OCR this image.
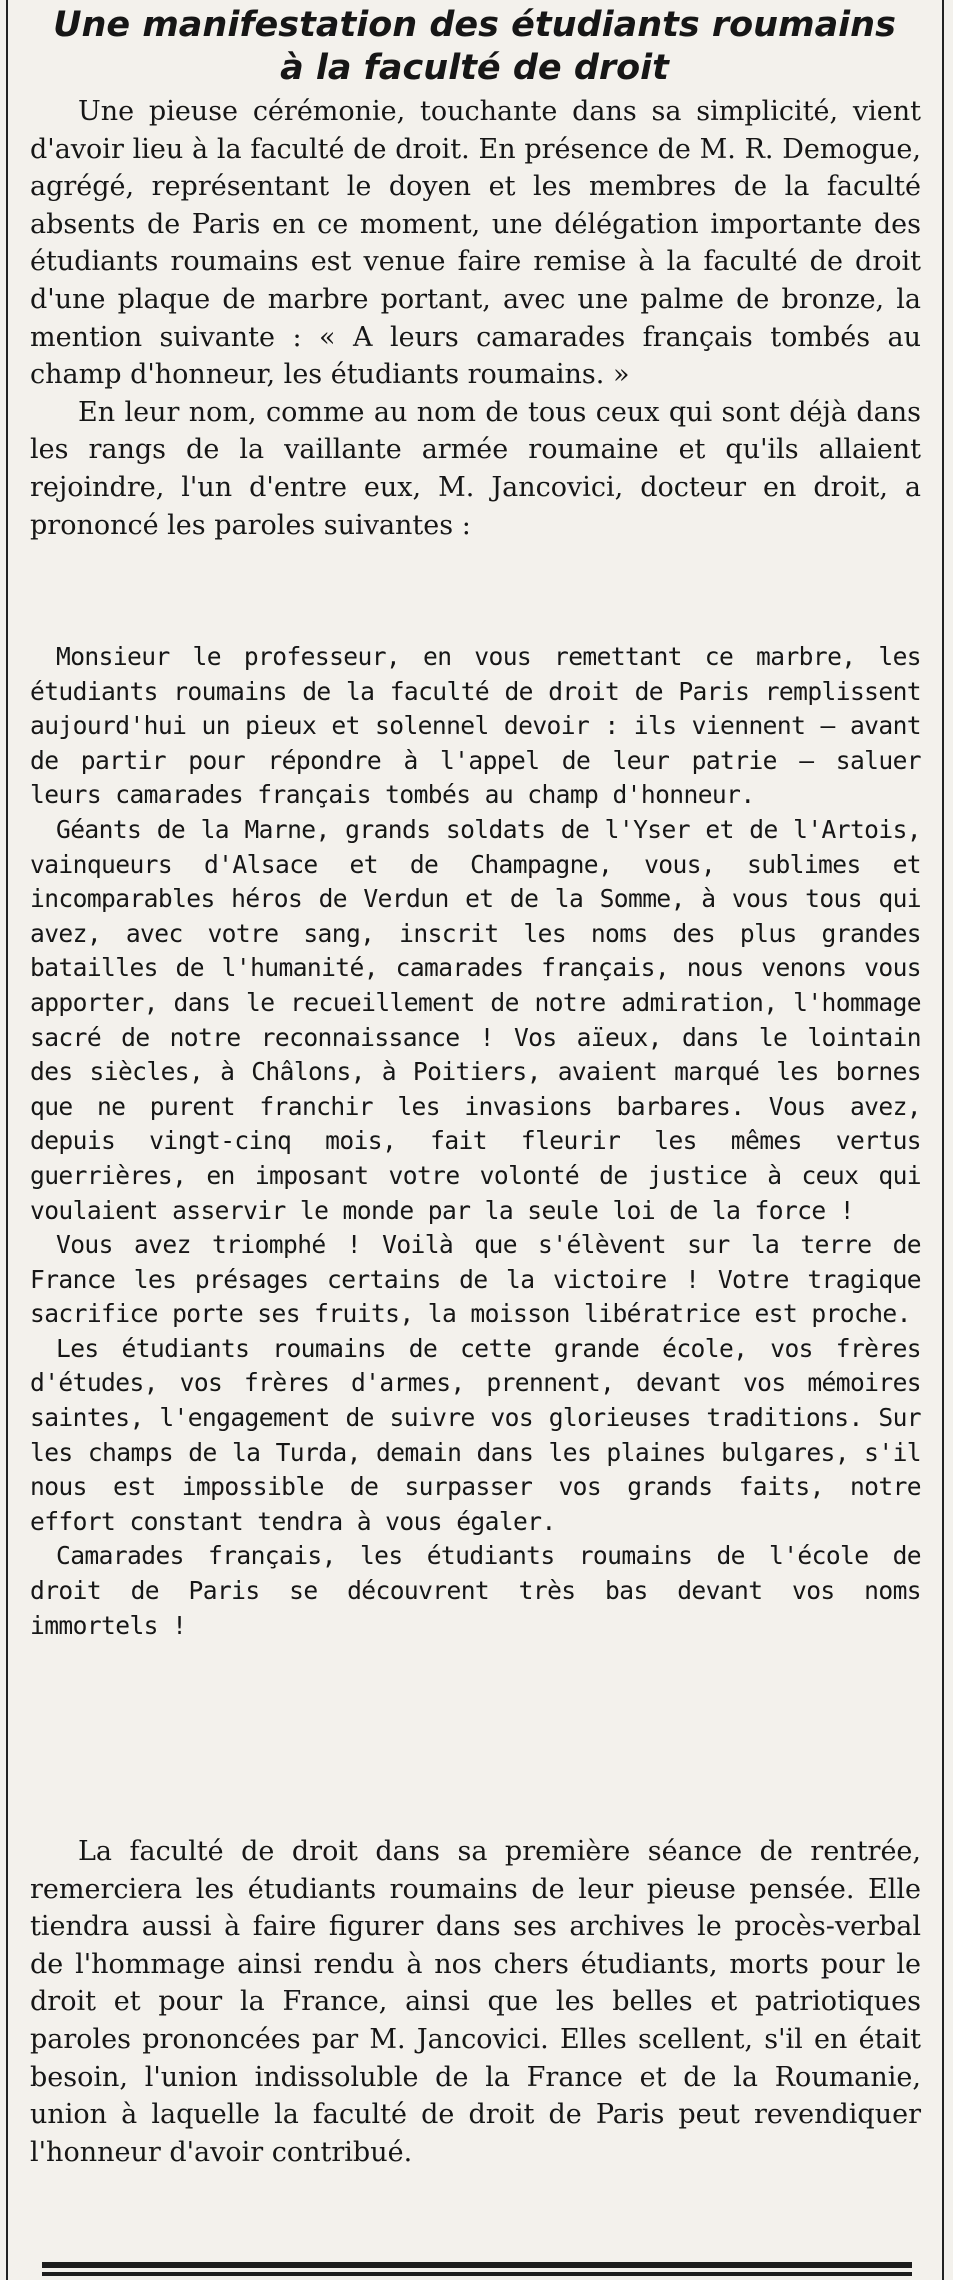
Une manifestation des étudiants roumains
à la faculté de droit

Une pieuse cérémonie, touchante dans sa simplicité, vient d'avoir lieu à la faculté de droit. En présence de M. R. Demogue, agrégé, représentant le doyen et les membres de la faculté absents de Paris en ce moment, une délégation importante des étudiants roumains est venue faire remise à la faculté de droit d'une plaque de marbre portant, avec une palme de bronze, la mention suivante : « A leurs camarades français tombés au champ d'honneur, les étudiants roumains. »

En leur nom, comme au nom de tous ceux qui sont déjà dans les rangs de la vaillante armée roumaine et qu'ils allaient rejoindre, l'un d'entre eux, M. Jancovici, docteur en droit, a prononcé les paroles suivantes :

Monsieur le professeur, en vous remettant ce marbre, les étudiants roumains de la faculté de droit de Paris remplissent aujourd'hui un pieux et solennel devoir : ils viennent — avant de partir pour répondre à l'appel de leur patrie — saluer leurs camarades français tombés au champ d'honneur.

Géants de la Marne, grands soldats de l'Yser et de l'Artois, vainqueurs d'Alsace et de Champagne, vous, sublimes et incomparables héros de Verdun et de la Somme, à vous tous qui avez, avec votre sang, inscrit les noms des plus grandes batailles de l'humanité, camarades français, nous venons vous apporter, dans le recueillement de notre admiration, l'hommage sacré de notre reconnaissance ! Vos aïeux, dans le lointain des siècles, à Châlons, à Poitiers, avaient marqué les bornes que ne purent franchir les invasions barbares. Vous avez, depuis vingt-cinq mois, fait fleurir les mêmes vertus guerrières, en imposant votre volonté de justice à ceux qui voulaient asservir le monde par la seule loi de la force !

Vous avez triomphé ! Voilà que s'élèvent sur la terre de France les présages certains de la victoire ! Votre tragique sacrifice porte ses fruits, la moisson libératrice est proche.

Les étudiants roumains de cette grande école, vos frères d'études, vos frères d'armes, prennent, devant vos mémoires saintes, l'engagement de suivre vos glorieuses traditions. Sur les champs de la Turda, demain dans les plaines bulgares, s'il nous est impossible de surpasser vos grands faits, notre effort constant tendra à vous égaler.

Camarades français, les étudiants roumains de l'école de droit de Paris se découvrent très bas devant vos noms immortels !

La faculté de droit dans sa première séance de rentrée, remerciera les étudiants roumains de leur pieuse pensée. Elle tiendra aussi à faire figurer dans ses archives le procès-verbal de l'hommage ainsi rendu à nos chers étudiants, morts pour le droit et pour la France, ainsi que les belles et patriotiques paroles prononcées par M. Jancovici. Elles scellent, s'il en était besoin, l'union indissoluble de la France et de la Roumanie, union à laquelle la faculté de droit de Paris peut revendiquer l'honneur d'avoir contribué.
